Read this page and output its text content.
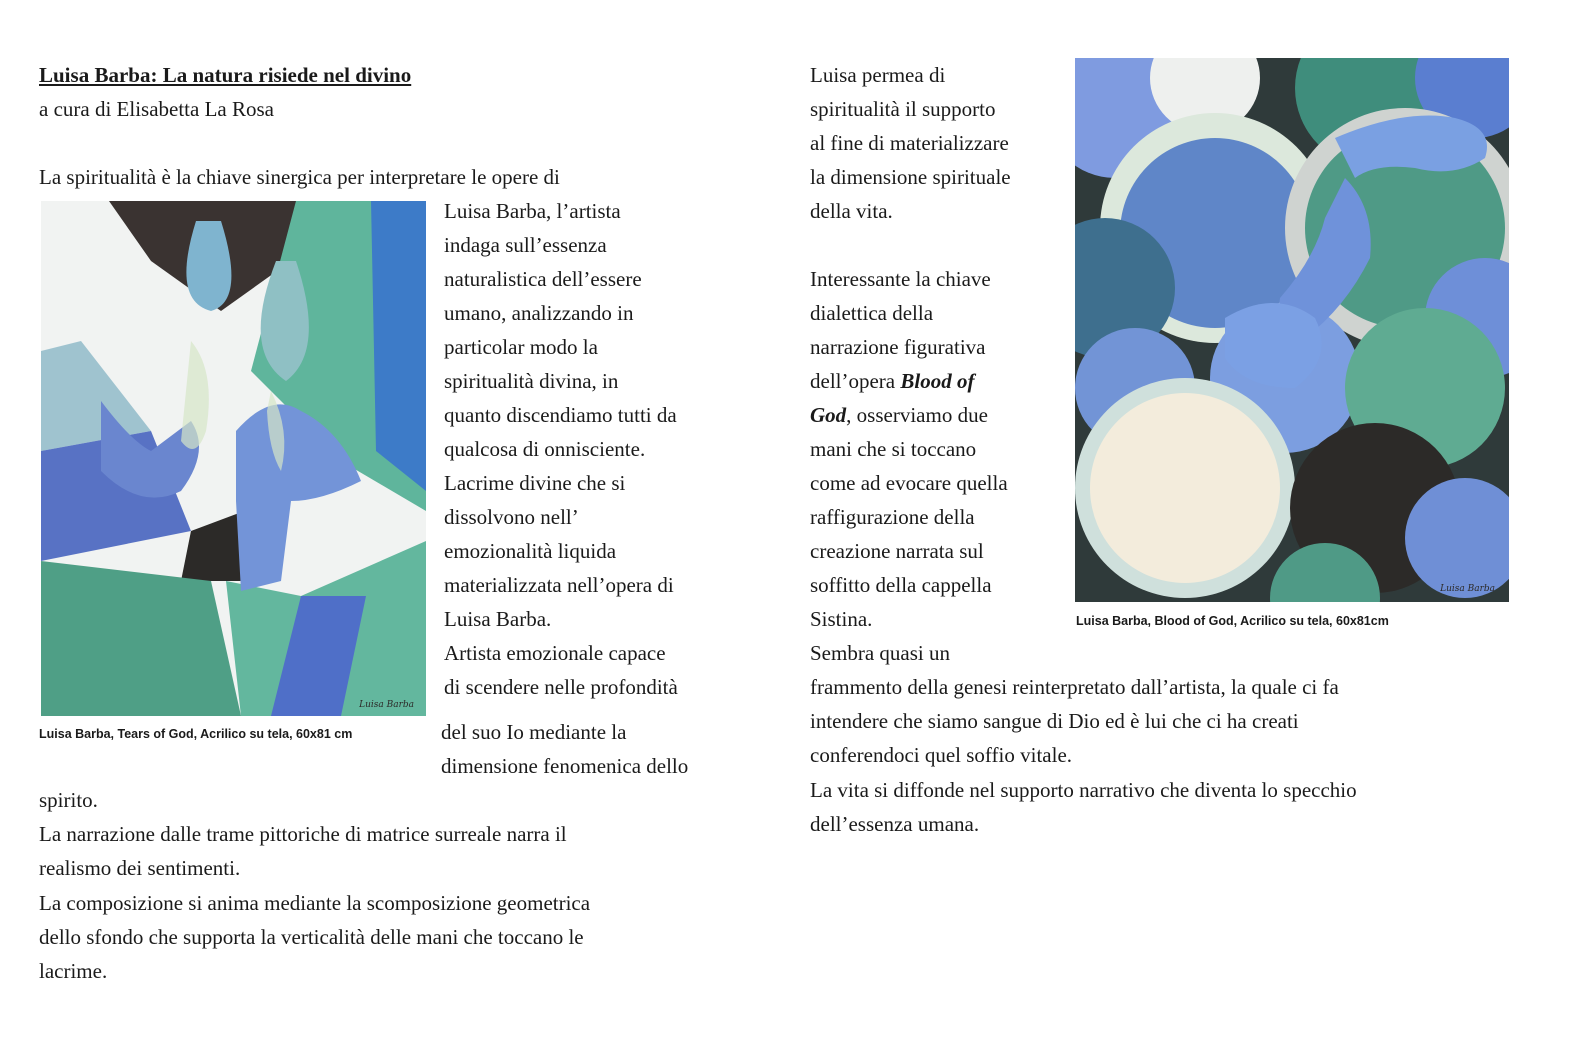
Luisa Barba: La natura risiede nel divino
a cura di Elisabetta La Rosa
La spiritualità è la chiave sinergica per interpretare le opere di
Luisa Barba, l’artista
indaga sull’essenza
naturalistica dell’essere
umano, analizzando in
particolar modo la
spiritualità divina, in
quanto discendiamo tutti da
qualcosa di onnisciente.
Lacrime divine che si
dissolvono nell’
emozionalità liquida
materializzata nell’opera di
Luisa Barba.
Artista emozionale capace
di scendere nelle profondità
del suo Io mediante la
dimensione fenomenica dello
spirito.
La narrazione dalle trame pittoriche di matrice surreale narra il
realismo dei sentimenti.
La composizione si anima mediante la scomposizione geometrica
dello sfondo che supporta la verticalità delle mani che toccano le
lacrime.
Luisa Barba
Luisa Barba, Tears of God, Acrilico su tela, 60x81 cm
Luisa permea di
spiritualità il supporto
al fine di materializzare
la dimensione spirituale
della vita.
Interessante la chiave
dialettica della
narrazione figurativa
dell’opera Blood of
God, osserviamo due
mani che si toccano
come ad evocare quella
raffigurazione della
creazione narrata sul
soffitto della cappella
Sistina.
Sembra quasi un
frammento della genesi reinterpretato dall’artista, la quale ci fa
intendere che siamo sangue di Dio ed è lui che ci ha creati
conferendoci quel soffio vitale.
La vita si diffonde nel supporto narrativo che diventa lo specchio
dell’essenza umana.
Luisa Barba
Luisa Barba, Blood of God, Acrilico su tela, 60x81cm
